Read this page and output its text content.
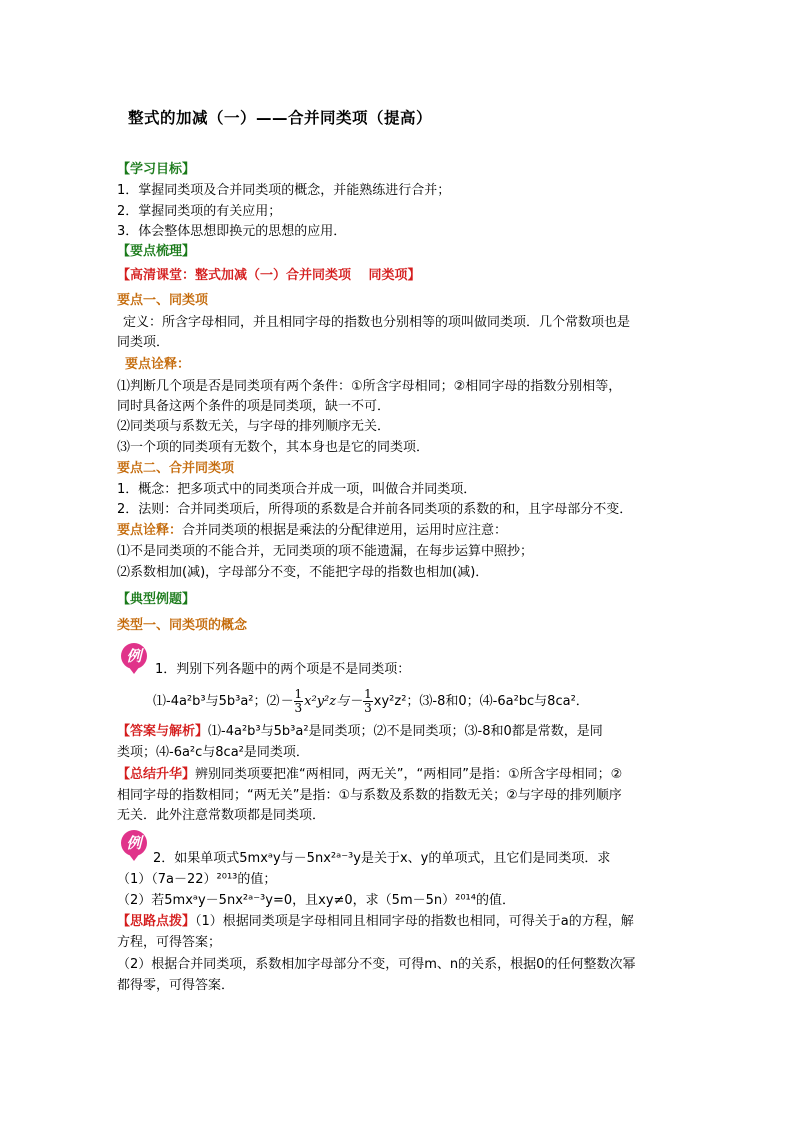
整式的加减（一）——合并同类项（提高）
【学习目标】
1．掌握同类项及合并同类项的概念，并能熟练进行合并；
2．掌握同类项的有关应用；
3．体会整体思想即换元的思想的应用．
【要点梳理】
【高清课堂：整式加减（一）合并同类项　 同类项】
要点一、同类项
定义：所含字母相同，并且相同字母的指数也分别相等的项叫做同类项．几个常数项也是
同类项．
要点诠释：
⑴判断几个项是否是同类项有两个条件：①所含字母相同；②相同字母的指数分别相等，
同时具备这两个条件的项是同类项，缺一不可．
⑵同类项与系数无关，与字母的排列顺序无关．
⑶一个项的同类项有无数个，其本身也是它的同类项．
要点二、合并同类项
1．概念：把多项式中的同类项合并成一项，叫做合并同类项．
2．法则：合并同类项后，所得项的系数是合并前各同类项的系数的和，且字母部分不变．
要点诠释：合并同类项的根据是乘法的分配律逆用，运用时应注意：
⑴不是同类项的不能合并，无同类项的项不能遗漏，在每步运算中照抄；
⑵系数相加(减)，字母部分不变，不能把字母的指数也相加(减)．
【典型例题】
类型一、同类项的概念
例
1．判别下列各题中的两个项是不是同类项：
⑴-4a²b³与5b³a²；⑵－ $\frac{1}{3} x^2y^2z$与－ $\frac{1}{3} xy^2z^2$；⑶-8和0；⑷-6a²bc与8ca²．
【答案与解析】⑴-4a²b³与5b³a²是同类项；⑵不是同类项；⑶-8和0都是常数，是同
类项；⑷-6a²c与8ca²是同类项．
【总结升华】辨别同类项要把准“两相同，两无关”，“两相同”是指：①所含字母相同；②
相同字母的指数相同；“两无关”是指：①与系数及系数的指数无关；②与字母的排列顺序
无关．此外注意常数项都是同类项．
例
2．如果单项式5mxᵃy与－5nx²ᵃ⁻³y是关于x、y的单项式，且它们是同类项．求
（1）（7a－22）²⁰¹³的值；
（2）若5mxᵃy－5nx²ᵃ⁻³y=0，且xy≠0，求（5m－5n）²⁰¹⁴的值．
【思路点拨】（1）根据同类项是字母相同且相同字母的指数也相同，可得关于a的方程，解
方程，可得答案；
（2）根据合并同类项，系数相加字母部分不变，可得m、n的关系，根据0的任何整数次幂
都得零，可得答案．
